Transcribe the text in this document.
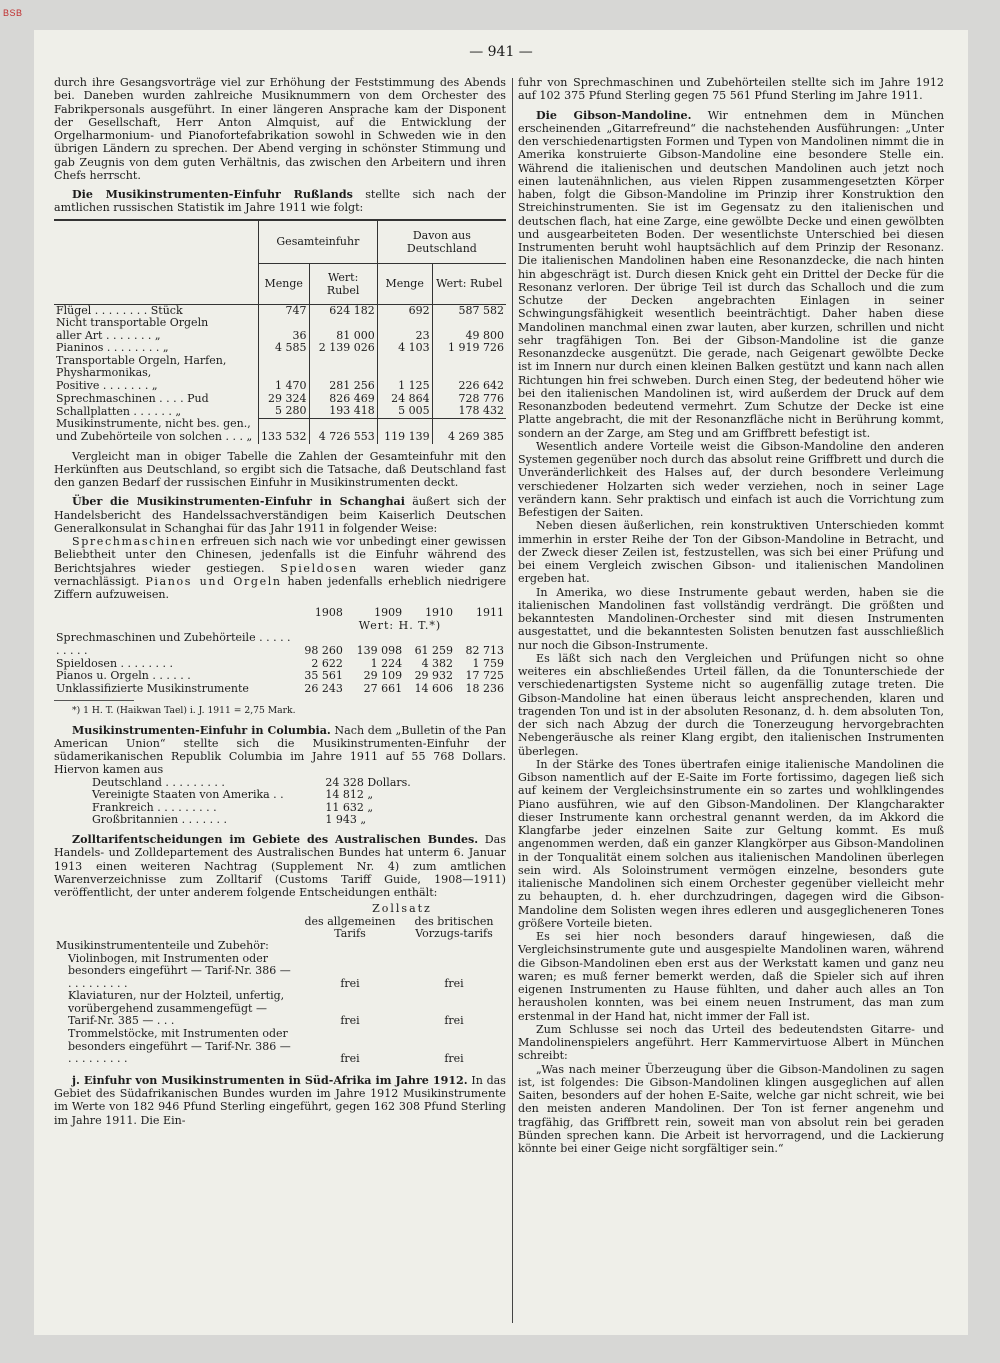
BSB
— 941 —

durch ihre Gesangsvorträge viel zur Erhöhung der Feststimmung des Abends bei. Daneben wurden zahlreiche Musiknummern von dem Orchester des Fabrikpersonals ausgeführt. In einer längeren Ansprache kam der Disponent der Gesellschaft, Herr Anton Almquist, auf die Entwicklung der Orgelharmonium- und Pianofortefabrikation sowohl in Schweden wie in den übrigen Ländern zu sprechen. Der Abend verging in schönster Stimmung und gab Zeugnis von dem guten Verhältnis, das zwischen den Arbeitern und ihren Chefs herrscht.

Die Musikinstrumenten-Einfuhr Rußlands stellte sich nach der amtlichen russischen Statistik im Jahre 1911 wie folgt:

	Gesamteinfuhr		Davon aus Deutschland	
	Menge	Wert: Rubel	Menge	Wert: Rubel
Flügel . . . . . . . . Stück	747	624 182	692	587 582
Nicht transportable Orgeln				
aller Art . . . . . . . „	36	81 000	23	49 800
Pianinos . . . . . . . . „	4 585	2 139 026	4 103	1 919 726
Transportable Orgeln, Harfen, Physharmonikas,				
Positive . . . . . . . „	1 470	281 256	1 125	226 642
Sprechmaschinen . . . . Pud	29 324	826 469	24 864	728 776
Schallplatten . . . . . . „	5 280	193 418	5 005	178 432
Musikinstrumente, nicht bes. gen., und Zubehörteile von solchen . . . „	133 532	4 726 553	119 139	4 269 385

Vergleicht man in obiger Tabelle die Zahlen der Gesamteinfuhr mit den Herkünften aus Deutschland, so ergibt sich die Tatsache, daß Deutschland fast den ganzen Bedarf der russischen Einfuhr in Musikinstrumenten deckt.

Über die Musikinstrumenten-Einfuhr in Schanghai äußert sich der Handelsbericht des Handelssachverständigen beim Kaiserlich Deutschen Generalkonsulat in Schanghai für das Jahr 1911 in folgender Weise:

Sprechmaschinen erfreuen sich nach wie vor unbedingt einer gewissen Beliebtheit unter den Chinesen, jedenfalls ist die Einfuhr während des Berichtsjahres wieder gestiegen. Spieldosen waren wieder ganz vernachlässigt. Pianos und Orgeln haben jedenfalls erheblich niedrigere Ziffern aufzuweisen.

	1908	1909	1910	1911
	Wert: H. T.*)			
Sprechmaschinen und Zubehörteile . . . . . . . . . .	98 260	139 098	61 259	82 713
Spieldosen . . . . . . . .	2 622	1 224	4 382	1 759
Pianos u. Orgeln . . . . . .	35 561	29 109	29 932	17 725
Unklassifizierte Musikinstrumente	26 243	27 661	14 606	18 236

*) 1 H. T. (Haikwan Tael) i. J. 1911 = 2,75 Mark.

Musikinstrumenten-Einfuhr in Columbia. Nach dem „Bulletin of the Pan American Union“ stellte sich die Musikinstrumenten-Einfuhr der südamerikanischen Republik Columbia im Jahre 1911 auf 55 768 Dollars. Hiervon kamen aus

Deutschland . . . . . . . . .	24 328 Dollars.
Vereinigte Staaten von Amerika . .	14 812 „
Frankreich . . . . . . . . .	11 632 „
Großbritannien . . . . . . .	1 943 „

Zolltarifentscheidungen im Gebiete des Australischen Bundes. Das Handels- und Zolldepartement des Australischen Bundes hat unterm 6. Januar 1913 einen weiteren Nachtrag (Supplement Nr. 4) zum amtlichen Warenverzeichnisse zum Zolltarif (Customs Tariff Guide, 1908—1911) veröffentlicht, der unter anderem folgende Entscheidungen enthält:

	Zollsatz	
	des allgemeinen Tarifs	des britischen Vorzugs-tarifs
Musikinstrumententeile und Zubehör:		
Violinbogen, mit Instrumenten oder besonders eingeführt — Tarif-Nr. 386 — . . . . . . . . .	frei	frei
Klaviaturen, nur der Holzteil, unfertig, vorübergehend zusammengefügt — Tarif-Nr. 385 — . . .	frei	frei
Trommelstöcke, mit Instrumenten oder besonders eingeführt — Tarif-Nr. 386 — . . . . . . . . .	frei	frei

j. Einfuhr von Musikinstrumenten in Süd-Afrika im Jahre 1912. In das Gebiet des Südafrikanischen Bundes wurden im Jahre 1912 Musikinstrumente im Werte von 182 946 Pfund Sterling eingeführt, gegen 162 308 Pfund Sterling im Jahre 1911. Die Ein-

fuhr von Sprechmaschinen und Zubehörteilen stellte sich im Jahre 1912 auf 102 375 Pfund Sterling gegen 75 561 Pfund Sterling im Jahre 1911.

Die Gibson-Mandoline. Wir entnehmen dem in München erscheinenden „Gitarrefreund“ die nachstehenden Ausführungen: „Unter den verschiedenartigsten Formen und Typen von Mandolinen nimmt die in Amerika konstruierte Gibson-Mandoline eine besondere Stelle ein. Während die italienischen und deutschen Mandolinen auch jetzt noch einen lautenähnlichen, aus vielen Rippen zusammengesetzten Körper haben, folgt die Gibson-Mandoline im Prinzip ihrer Konstruktion den Streichinstrumenten. Sie ist im Gegensatz zu den italienischen und deutschen flach, hat eine Zarge, eine gewölbte Decke und einen gewölbten und ausgearbeiteten Boden. Der wesentlichste Unterschied bei diesen Instrumenten beruht wohl hauptsächlich auf dem Prinzip der Resonanz. Die italienischen Mandolinen haben eine Resonanzdecke, die nach hinten hin abgeschrägt ist. Durch diesen Knick geht ein Drittel der Decke für die Resonanz verloren. Der übrige Teil ist durch das Schalloch und die zum Schutze der Decken angebrachten Einlagen in seiner Schwingungsfähigkeit wesentlich beeinträchtigt. Daher haben diese Mandolinen manchmal einen zwar lauten, aber kurzen, schrillen und nicht sehr tragfähigen Ton. Bei der Gibson-Mandoline ist die ganze Resonanzdecke ausgenützt. Die gerade, nach Geigenart gewölbte Decke ist im Innern nur durch einen kleinen Balken gestützt und kann nach allen Richtungen hin frei schweben. Durch einen Steg, der bedeutend höher wie bei den italienischen Mandolinen ist, wird außerdem der Druck auf dem Resonanzboden bedeutend vermehrt. Zum Schutze der Decke ist eine Platte angebracht, die mit der Resonanzfläche nicht in Berührung kommt, sondern an der Zarge, am Steg und am Griffbrett befestigt ist.

Wesentlich andere Vorteile weist die Gibson-Mandoline den anderen Systemen gegenüber noch durch das absolut reine Griffbrett und durch die Unveränderlichkeit des Halses auf, der durch besondere Verleimung verschiedener Holzarten sich weder verziehen, noch in seiner Lage verändern kann. Sehr praktisch und einfach ist auch die Vorrichtung zum Befestigen der Saiten.

Neben diesen äußerlichen, rein konstruktiven Unterschieden kommt immerhin in erster Reihe der Ton der Gibson-Mandoline in Betracht, und der Zweck dieser Zeilen ist, festzustellen, was sich bei einer Prüfung und bei einem Vergleich zwischen Gibson- und italienischen Mandolinen ergeben hat.

In Amerika, wo diese Instrumente gebaut werden, haben sie die italienischen Mandolinen fast vollständig verdrängt. Die größten und bekanntesten Mandolinen-Orchester sind mit diesen Instrumenten ausgestattet, und die bekanntesten Solisten benutzen fast ausschließlich nur noch die Gibson-Instrumente.

Es läßt sich nach den Vergleichen und Prüfungen nicht so ohne weiteres ein abschließendes Urteil fällen, da die Tonunterschiede der verschiedenartigsten Systeme nicht so augenfällig zutage treten. Die Gibson-Mandoline hat einen überaus leicht ansprechenden, klaren und tragenden Ton und ist in der absoluten Resonanz, d. h. dem absoluten Ton, der sich nach Abzug der durch die Tonerzeugung hervorgebrachten Nebengeräusche als reiner Klang ergibt, den italienischen Instrumenten überlegen.

In der Stärke des Tones übertrafen einige italienische Mandolinen die Gibson namentlich auf der E-Saite im Forte fortissimo, dagegen ließ sich auf keinem der Vergleichsinstrumente ein so zartes und wohlklingendes Piano ausführen, wie auf den Gibson-Mandolinen. Der Klangcharakter dieser Instrumente kann orchestral genannt werden, da im Akkord die Klangfarbe jeder einzelnen Saite zur Geltung kommt. Es muß angenommen werden, daß ein ganzer Klangkörper aus Gibson-Mandolinen in der Tonqualität einem solchen aus italienischen Mandolinen überlegen sein wird. Als Soloinstrument vermögen einzelne, besonders gute italienische Mandolinen sich einem Orchester gegenüber vielleicht mehr zu behaupten, d. h. eher durchzudringen, dagegen wird die Gibson-Mandoline dem Solisten wegen ihres edleren und ausgeglicheneren Tones größere Vorteile bieten.

Es sei hier noch besonders darauf hingewiesen, daß die Vergleichsinstrumente gute und ausgespielte Mandolinen waren, während die Gibson-Mandolinen eben erst aus der Werkstatt kamen und ganz neu waren; es muß ferner bemerkt werden, daß die Spieler sich auf ihren eigenen Instrumenten zu Hause fühlten, und daher auch alles an Ton herausholen konnten, was bei einem neuen Instrument, das man zum erstenmal in der Hand hat, nicht immer der Fall ist.

Zum Schlusse sei noch das Urteil des bedeutendsten Gitarre- und Mandolinenspielers angeführt. Herr Kammervirtuose Albert in München schreibt:

„Was nach meiner Überzeugung über die Gibson-Mandolinen zu sagen ist, ist folgendes: Die Gibson-Mandolinen klingen ausgeglichen auf allen Saiten, besonders auf der hohen E-Saite, welche gar nicht schreit, wie bei den meisten anderen Mandolinen. Der Ton ist ferner angenehm und tragfähig, das Griffbrett rein, soweit man von absolut rein bei geraden Bünden sprechen kann. Die Arbeit ist hervorragend, und die Lackierung könnte bei einer Geige nicht sorgfältiger sein.“
